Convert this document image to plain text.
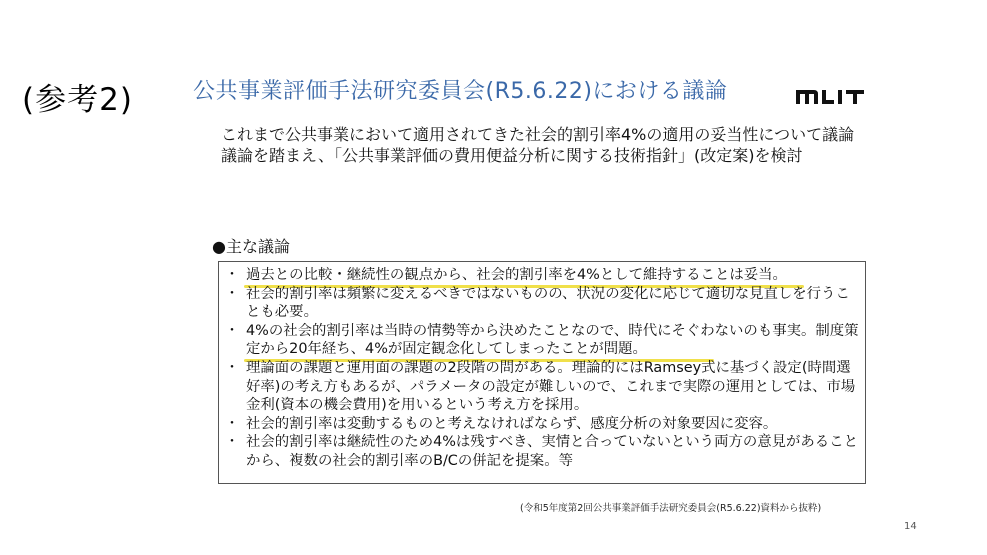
(参考2)	公共事業評価手法研究委員会(R5.6.22)における議論

これまで公共事業において適用されてきた社会的割引率4%の適用の妥当性について議論

議論を踏まえ、「公共事業評価の費用便益分析に関する技術指針」(改定案)を検討

●主な議論
・ 過去との比較・継続性の観点から、社会的割引率を4%として維持することは妥当。
・ 社会的割引率は頻繁に変えるべきではないものの、状況の変化に応じて適切な見直しを行うことも必要。
・ 4%の社会的割引率は当時の情勢等から決めたことなので、時代にそぐわないのも事実。制度策定から20年経ち、4%が固定観念化してしまったことが問題。
・ 理論面の課題と運用面の課題の2段階の問がある。理論的にはRamsey式に基づく設定(時間選好率)の考え方もあるが、パラメータの設定が難しいので、これまで実際の運用としては、市場金利(資本の機会費用)を用いるという考え方を採用。
・ 社会的割引率は変動するものと考えなければならず、感度分析の対象要因に変容。
・ 社会的割引率は継続性のため4%は残すべき、実情と合っていないという両方の意見があることから、複数の社会的割引率のB/Cの併記を提案。等
(令和5年度第2回公共事業評価手法研究委員会(R5.6.22)資料から抜粋)
14
